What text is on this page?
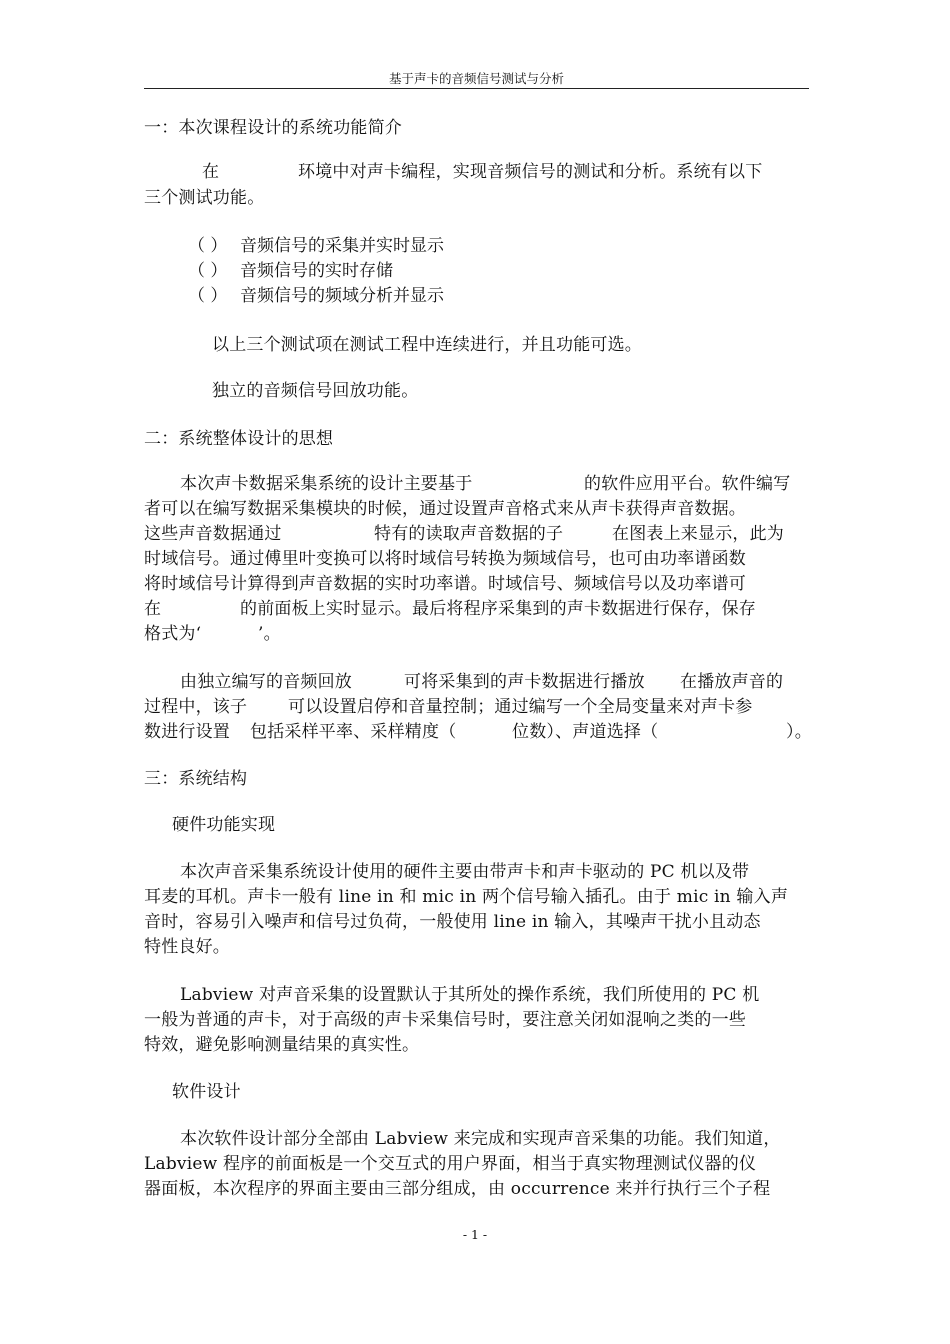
基于声卡的音频信号测试与分析
一：本次课程设计的系统功能简介
在	环境中对声卡编程，实现音频信号的测试和分析。系统有以下
三个测试功能。
（ ） 音频信号的采集并实时显示
（ ） 音频信号的实时存储
（ ） 音频信号的频域分析并显示
以上三个测试项在测试工程中连续进行，并且功能可选。
独立的音频信号回放功能。
二：系统整体设计的思想
本次声卡数据采集系统的设计主要基于	的软件应用平台。软件编写
者可以在编写数据采集模块的时候，通过设置声音格式来从声卡获得声音数据。
这些声音数据通过	特有的读取声音数据的子	在图表上来显示，此为
时域信号。通过傅里叶变换可以将时域信号转换为频域信号，也可由功率谱函数
将时域信号计算得到声音数据的实时功率谱。时域信号、频域信号以及功率谱可
在	的前面板上实时显示。最后将程序采集到的声卡数据进行保存，保存
格式为‘	’。
由独立编写的音频回放	可将采集到的声卡数据进行播放 在播放声音的
过程中，该子 可以设置启停和音量控制；通过编写一个全局变量来对声卡参
数进行设置 包括采样平率、采样精度（	位数）、声道选择（	）。
三：系统结构
硬件功能实现
本次声音采集系统设计使用的硬件主要由带声卡和声卡驱动的 PC 机以及带
耳麦的耳机。声卡一般有 line in 和 mic in 两个信号输入插孔。由于 mic in 输入声
音时，容易引入噪声和信号过负荷，一般使用 line in 输入，其噪声干扰小且动态
特性良好。
Labview 对声音采集的设置默认于其所处的操作系统，我们所使用的 PC 机
一般为普通的声卡，对于高级的声卡采集信号时，要注意关闭如混响之类的一些
特效，避免影响测量结果的真实性。
软件设计
本次软件设计部分全部由 Labview 来完成和实现声音采集的功能。我们知道，
Labview 程序的前面板是一个交互式的用户界面，相当于真实物理测试仪器的仪
器面板，本次程序的界面主要由三部分组成，由 occurrence 来并行执行三个子程
- 1 -
